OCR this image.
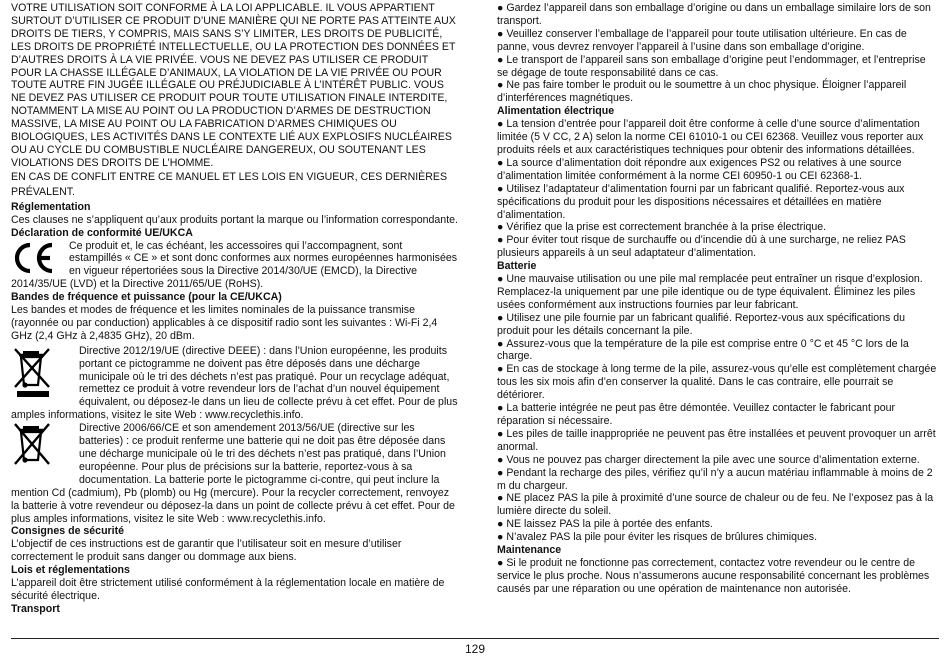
VOTRE UTILISATION SOIT CONFORME À LA LOI APPLICABLE. IL VOUS APPARTIENT SURTOUT D’UTILISER CE PRODUIT D’UNE MANIÈRE QUI NE PORTE PAS ATTEINTE AUX DROITS DE TIERS, Y COMPRIS, MAIS SANS S’Y LIMITER, LES DROITS DE PUBLICITÉ, LES DROITS DE PROPRIÉTÉ INTELLECTUELLE, OU LA PROTECTION DES DONNÉES ET D’AUTRES DROITS À LA VIE PRIVÉE. VOUS NE DEVEZ PAS UTILISER CE PRODUIT POUR LA CHASSE ILLÉGALE D’ANIMAUX, LA VIOLATION DE LA VIE PRIVÉE OU POUR TOUTE AUTRE FIN JUGÉE ILLÉGALE OU PRÉJUDICIABLE À L’INTÉRÊT PUBLIC. VOUS NE DEVEZ PAS UTILISER CE PRODUIT POUR TOUTE UTILISATION FINALE INTERDITE, NOTAMMENT LA MISE AU POINT OU LA PRODUCTION D’ARMES DE DESTRUCTION MASSIVE, LA MISE AU POINT OU LA FABRICATION D’ARMES CHIMIQUES OU BIOLOGIQUES, LES ACTIVITÉS DANS LE CONTEXTE LIÉ AUX EXPLOSIFS NUCLÉAIRES OU AU CYCLE DU COMBUSTIBLE NUCLÉAIRE DANGEREUX, OU SOUTENANT LES VIOLATIONS DES DROITS DE L’HOMME.

EN CAS DE CONFLIT ENTRE CE MANUEL ET LES LOIS EN VIGUEUR, CES DERNIÈRES PRÉVALENT.

Réglementation

Ces clauses ne s’appliquent qu’aux produits portant la marque ou l’information correspondante.

Déclaration de conformité UE/UKCA

Ce produit et, le cas échéant, les accessoires qui l’accompagnent, sont estampillés « CE » et sont donc conformes aux normes européennes harmonisées en vigueur répertoriées sous la Directive 2014/30/UE (EMCD), la Directive 2014/35/UE (LVD) et la Directive 2011/65/UE (RoHS).

Bandes de fréquence et puissance (pour la CE/UKCA)

Les bandes et modes de fréquence et les limites nominales de la puissance transmise (rayonnée ou par conduction) applicables à ce dispositif radio sont les suivantes : Wi-Fi 2,4 GHz (2,4 GHz à 2,4835 GHz), 20 dBm.

Directive 2012/19/UE (directive DEEE) : dans l’Union européenne, les produits portant ce pictogramme ne doivent pas être déposés dans une décharge municipale où le tri des déchets n’est pas pratiqué. Pour un recyclage adéquat, remettez ce produit à votre revendeur lors de l’achat d’un nouvel équipement équivalent, ou déposez-le dans un lieu de collecte prévu à cet effet. Pour de plus amples informations, visitez le site Web : www.recyclethis.info.

Directive 2006/66/CE et son amendement 2013/56/UE (directive sur les batteries) : ce produit renferme une batterie qui ne doit pas être déposée dans une décharge municipale où le tri des déchets n’est pas pratiqué, dans l’Union européenne. Pour plus de précisions sur la batterie, reportez-vous à sa documentation. La batterie porte le pictogramme ci-contre, qui peut inclure la mention Cd (cadmium), Pb (plomb) ou Hg (mercure). Pour la recycler correctement, renvoyez la batterie à votre revendeur ou déposez-la dans un point de collecte prévu à cet effet. Pour de plus amples informations, visitez le site Web : www.recyclethis.info.

Consignes de sécurité

L’objectif de ces instructions est de garantir que l’utilisateur soit en mesure d’utiliser correctement le produit sans danger ou dommage aux biens.

Lois et réglementations

L’appareil doit être strictement utilisé conformément à la réglementation locale en matière de sécurité électrique.

Transport

● Gardez l’appareil dans son emballage d’origine ou dans un emballage similaire lors de son transport.

● Veuillez conserver l’emballage de l’appareil pour toute utilisation ultérieure. En cas de panne, vous devrez renvoyer l’appareil à l’usine dans son emballage d’origine.

● Le transport de l’appareil sans son emballage d’origine peut l’endommager, et l’entreprise se dégage de toute responsabilité dans ce cas.

● Ne pas faire tomber le produit ou le soumettre à un choc physique. Éloigner l’appareil d’interférences magnétiques.

Alimentation électrique

● La tension d’entrée pour l’appareil doit être conforme à celle d’une source d’alimentation limitée (5 V CC, 2 A) selon la norme CEI 61010-1 ou CEI 62368. Veuillez vous reporter aux produits réels et aux caractéristiques techniques pour obtenir des informations détaillées.

● La source d’alimentation doit répondre aux exigences PS2 ou relatives à une source d’alimentation limitée conformément à la norme CEI 60950-1 ou CEI 62368-1.

● Utilisez l’adaptateur d’alimentation fourni par un fabricant qualifié. Reportez-vous aux spécifications du produit pour les dispositions nécessaires et détaillées en matière d’alimentation.

● Vérifiez que la prise est correctement branchée à la prise électrique.

● Pour éviter tout risque de surchauffe ou d’incendie dû à une surcharge, ne reliez PAS plusieurs appareils à un seul adaptateur d’alimentation.

Batterie

● Une mauvaise utilisation ou une pile mal remplacée peut entraîner un risque d’explosion. Remplacez-la uniquement par une pile identique ou de type équivalent. Éliminez les piles usées conformément aux instructions fournies par leur fabricant.

● Utilisez une pile fournie par un fabricant qualifié. Reportez-vous aux spécifications du produit pour les détails concernant la pile.

● Assurez-vous que la température de la pile est comprise entre 0 °C et 45 °C lors de la charge.

● En cas de stockage à long terme de la pile, assurez-vous qu’elle est complètement chargée tous les six mois afin d’en conserver la qualité. Dans le cas contraire, elle pourrait se détériorer.

● La batterie intégrée ne peut pas être démontée. Veuillez contacter le fabricant pour réparation si nécessaire.

● Les piles de taille inappropriée ne peuvent pas être installées et peuvent provoquer un arrêt anormal.

● Vous ne pouvez pas charger directement la pile avec une source d’alimentation externe.

● Pendant la recharge des piles, vérifiez qu’il n’y a aucun matériau inflammable à moins de 2 m du chargeur.

● NE placez PAS la pile à proximité d’une source de chaleur ou de feu. Ne l’exposez pas à la lumière directe du soleil.

● NE laissez PAS la pile à portée des enfants.

● N’avalez PAS la pile pour éviter les risques de brûlures chimiques.

Maintenance

● Si le produit ne fonctionne pas correctement, contactez votre revendeur ou le centre de service le plus proche. Nous n’assumerons aucune responsabilité concernant les problèmes causés par une réparation ou une opération de maintenance non autorisée.

129
